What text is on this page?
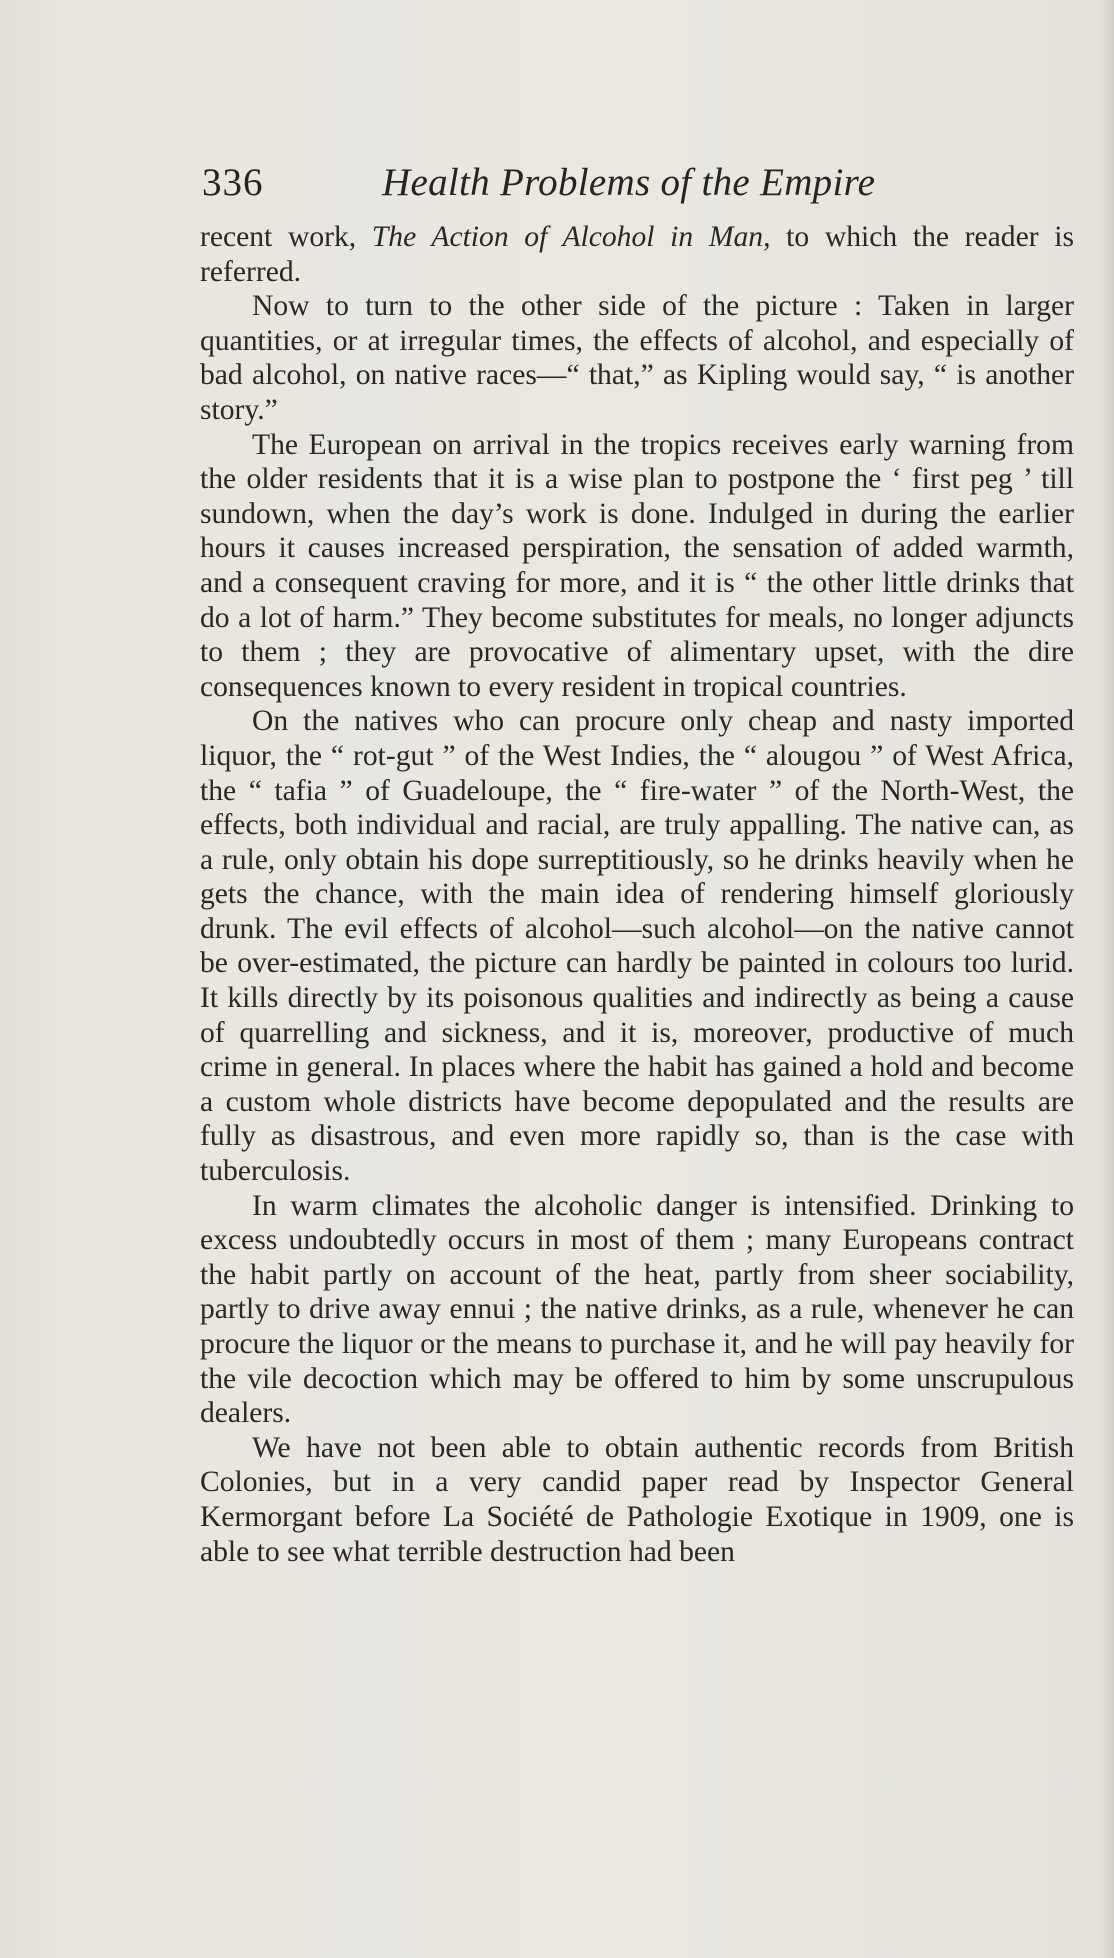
336	Health Problems of the Empire

recent work, The Action of Alcohol in Man, to which the reader is referred.

Now to turn to the other side of the picture : Taken in larger quantities, or at irregular times, the effects of alcohol, and especially of bad alcohol, on native races—“ that,” as Kipling would say, “ is another story.”

The European on arrival in the tropics receives early warning from the older residents that it is a wise plan to postpone the ‘ first peg ’ till sundown, when the day’s work is done. Indulged in during the earlier hours it causes increased perspiration, the sensation of added warmth, and a consequent craving for more, and it is “ the other little drinks that do a lot of harm.” They become substitutes for meals, no longer adjuncts to them ; they are provocative of alimentary upset, with the dire consequences known to every resident in tropical countries.

On the natives who can procure only cheap and nasty imported liquor, the “ rot-gut ” of the West Indies, the “ alougou ” of West Africa, the “ tafia ” of Guadeloupe, the “ fire-water ” of the North-West, the effects, both individual and racial, are truly appalling. The native can, as a rule, only obtain his dope surreptitiously, so he drinks heavily when he gets the chance, with the main idea of rendering himself gloriously drunk. The evil effects of alcohol—such alcohol—on the native cannot be over-estimated, the picture can hardly be painted in colours too lurid. It kills directly by its poisonous qualities and indirectly as being a cause of quarrelling and sickness, and it is, moreover, productive of much crime in general. In places where the habit has gained a hold and become a custom whole districts have become depopulated and the results are fully as disastrous, and even more rapidly so, than is the case with tuberculosis.

In warm climates the alcoholic danger is intensified. Drinking to excess undoubtedly occurs in most of them ; many Europeans contract the habit partly on account of the heat, partly from sheer sociability, partly to drive away ennui ; the native drinks, as a rule, whenever he can procure the liquor or the means to purchase it, and he will pay heavily for the vile decoction which may be offered to him by some unscrupulous dealers.

We have not been able to obtain authentic records from British Colonies, but in a very candid paper read by Inspector General Kermorgant before La Société de Pathologie Exotique in 1909, one is able to see what terrible destruction had been
